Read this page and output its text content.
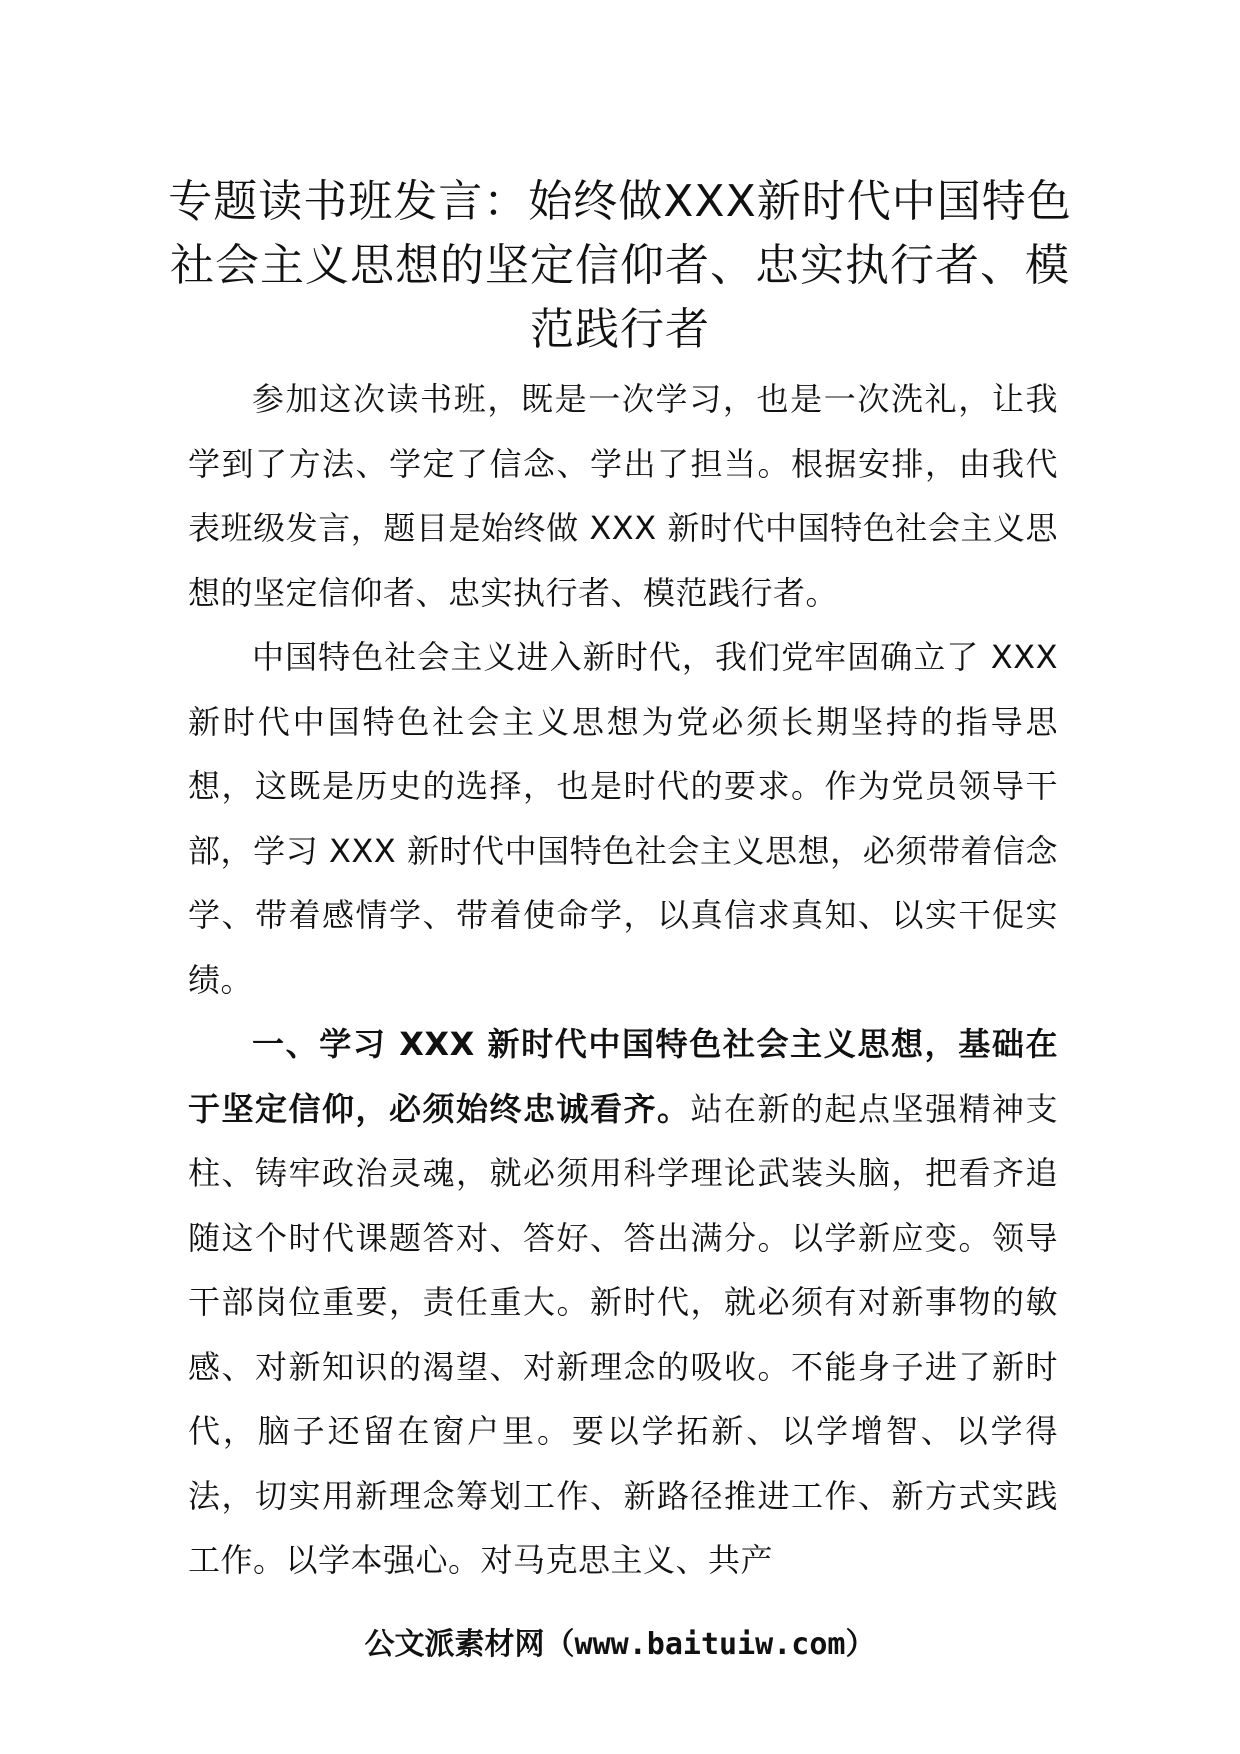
专题读书班发言：始终做XXX新时代中国特色社会主义思想的坚定信仰者、忠实执行者、模范践行者

参加这次读书班，既是一次学习，也是一次洗礼，让我学到了方法、学定了信念、学出了担当。根据安排，由我代表班级发言，题目是始终做 XXX 新时代中国特色社会主义思想的坚定信仰者、忠实执行者、模范践行者。

中国特色社会主义进入新时代，我们党牢固确立了 XXX 新时代中国特色社会主义思想为党必须长期坚持的指导思想，这既是历史的选择，也是时代的要求。作为党员领导干部，学习 XXX 新时代中国特色社会主义思想，必须带着信念学、带着感情学、带着使命学，以真信求真知、以实干促实绩。

一、学习 XXX 新时代中国特色社会主义思想，基础在于坚定信仰，必须始终忠诚看齐。站在新的起点坚强精神支柱、铸牢政治灵魂，就必须用科学理论武装头脑，把看齐追随这个时代课题答对、答好、答出满分。以学新应变。领导干部岗位重要，责任重大。新时代，就必须有对新事物的敏感、对新知识的渴望、对新理念的吸收。不能身子进了新时代，脑子还留在窗户里。要以学拓新、以学增智、以学得法，切实用新理念筹划工作、新路径推进工作、新方式实践工作。以学本强心。对马克思主义、共产

公文派素材网（www.baituiw.com）
